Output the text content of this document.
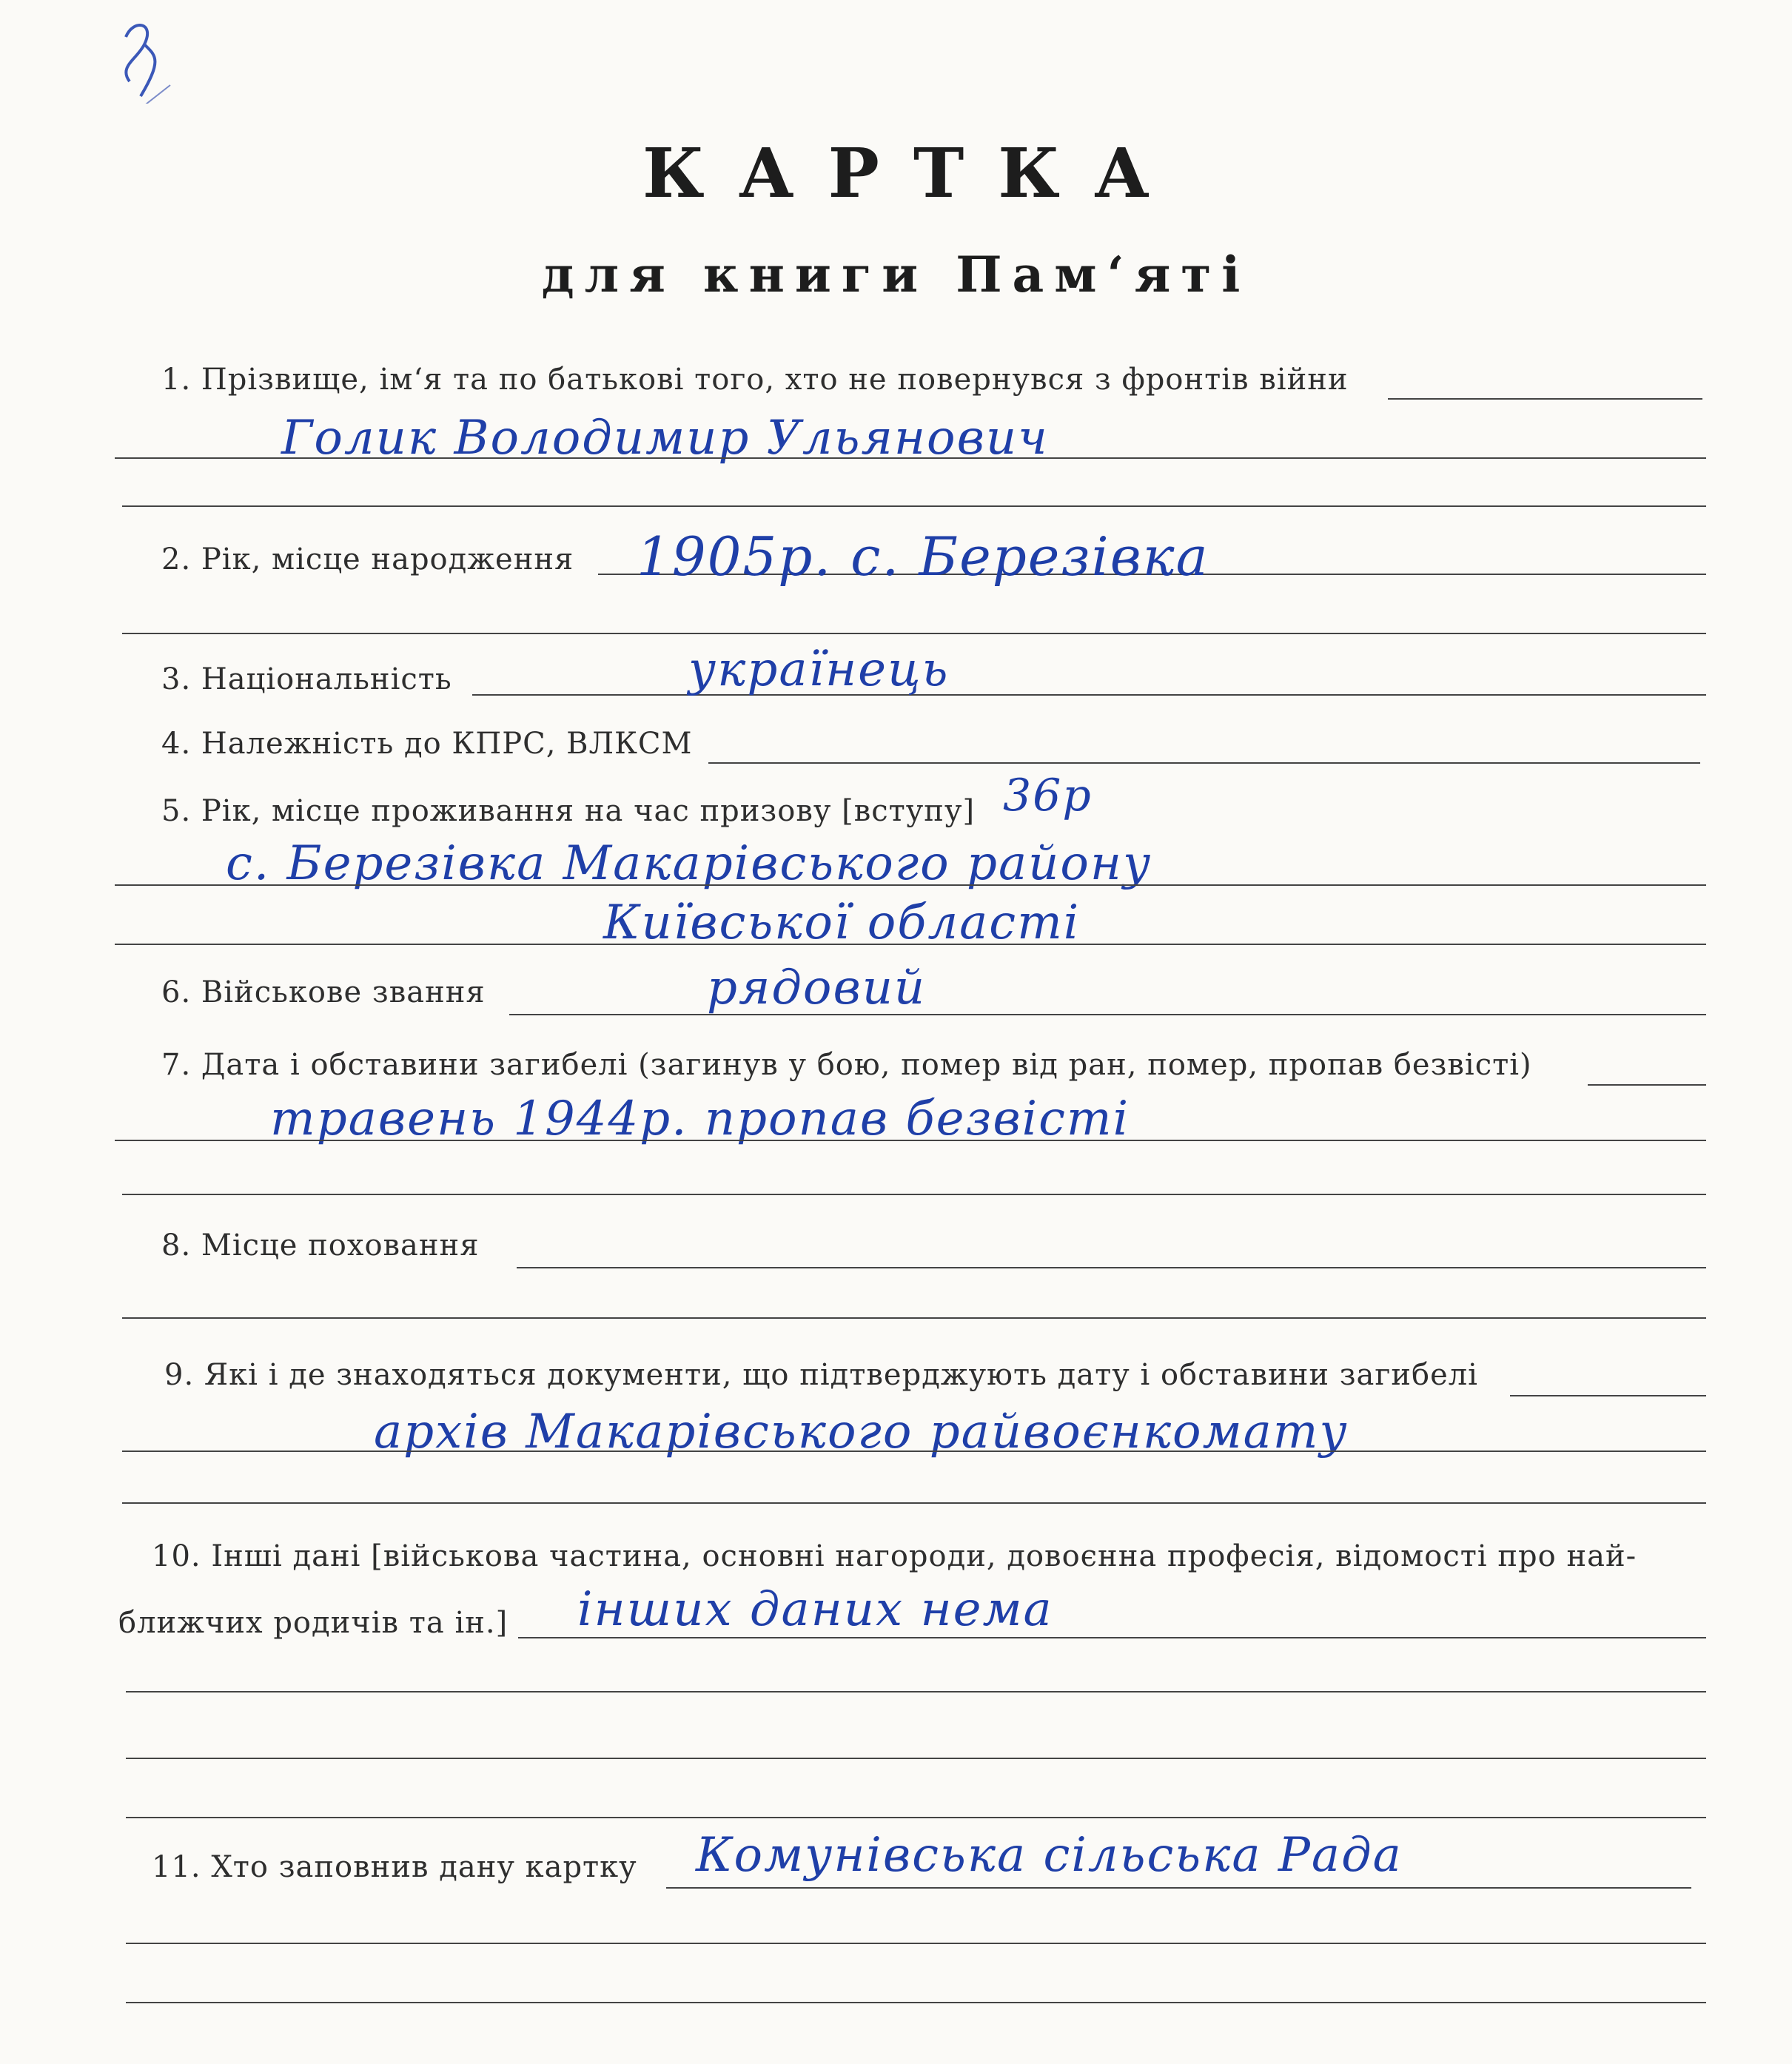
КАРТКА
для книги Пам‘яті
1. Прізвище, ім‘я та по батькові того, хто не повернувся з фронтів війни
Голик Володимир Ульянович
2. Рік, місце народження 1905р. с. Березівка
3. Національність	українець
4. Належність до КПРС, ВЛКСМ
5. Рік, місце проживання на час призову [вступу] 36р
с. Березівка Макарівського району
Київської області
6. Військове звання	рядовий
7. Дата і обставини загибелі (загинув у бою, помер від ран, помер, пропав безвісті)
травень 1944р. пропав безвісті
8. Місце поховання
9. Які і де знаходяться документи, що підтверджують дату і обставини загибелі
архів Макарівського райвоєнкомату
10. Інші дані [військова частина, основні нагороди, довоєнна професія, відомості про най-
ближчих родичів та ін.] інших даних нема
11. Хто заповнив дану картку Комунівська сільська Рада
